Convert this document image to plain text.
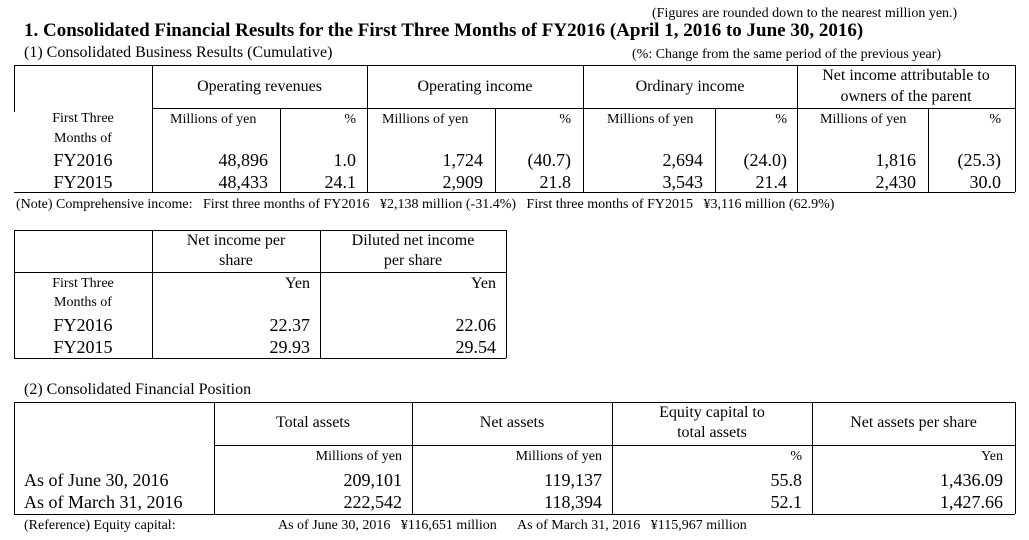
(Figures are rounded down to the nearest million yen.)
1. Consolidated Financial Results for the First Three Months of FY2016 (April 1, 2016 to June 30, 2016)
(1) Consolidated Business Results (Cumulative)	(%: Change from the same period of the previous year)
Operating revenues	Operating income	Ordinary income
Net income attributable to
owners of the parent
First Three
Months of
Millions of yen	% Millions of yen	%	Millions of yen	% Millions of yen	%
FY2016	48,896	1.0	1,724	(40.7)	2,694	(24.0)	1,816	(25.3)
FY2015	48,433	24.1	2,909	21.8	3,543	21.4	2,430	30.0
(Note) Comprehensive income:   First three months of FY2016   ¥2,138 million (-31.4%)   First three months of FY2015   ¥3,116 million (62.9%)
Net income per
share
Diluted net income
per share
First Three
Months of
Yen	Yen
FY2016	22.37	22.06
FY2015	29.93	29.54
(2) Consolidated Financial Position
Total assets	Net assets
Equity capital to
total assets
Net assets per share
Millions of yen	Millions of yen	%	Yen
As of June 30, 2016	209,101	119,137	55.8	1,436.09
As of March 31, 2016	222,542	118,394	52.1	1,427.66
(Reference) Equity capital:	As of June 30, 2016   ¥116,651 million      As of March 31, 2016   ¥115,967 million
